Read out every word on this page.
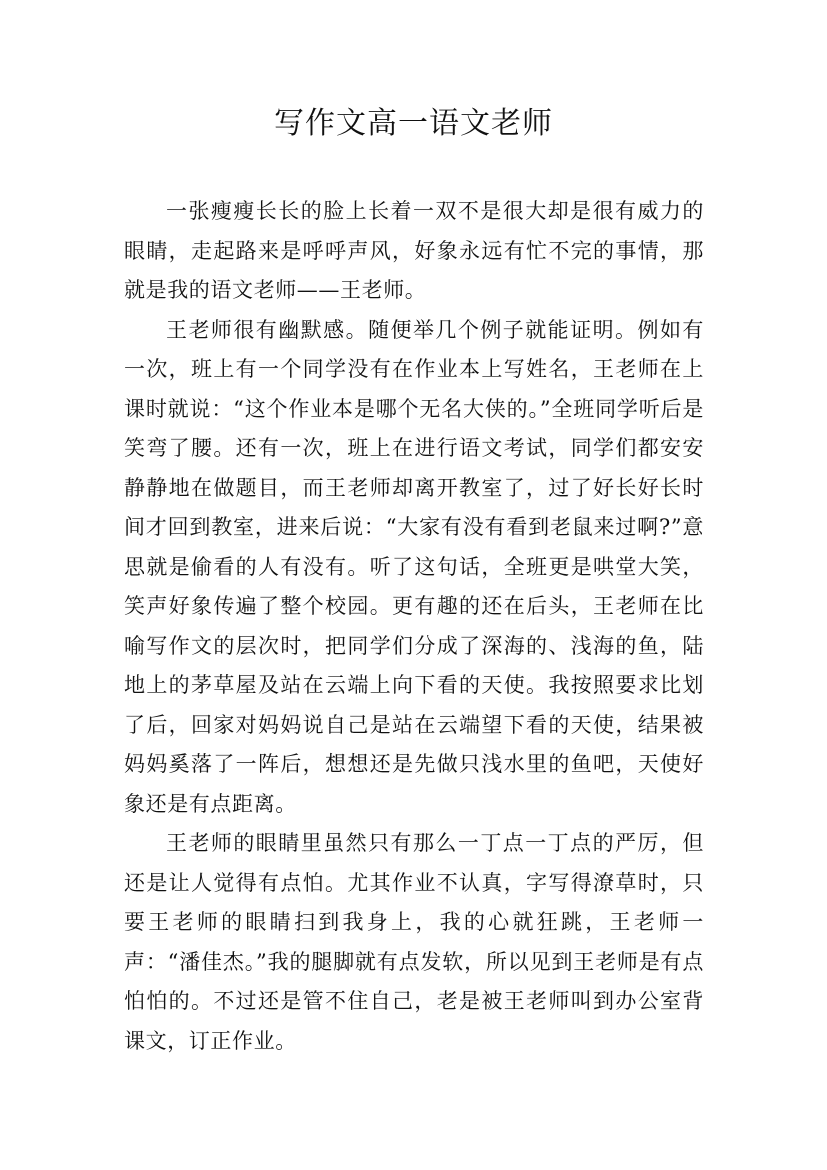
写作文高一语文老师

一张瘦瘦长长的脸上长着一双不是很大却是很有威力的眼睛，走起路来是呼呼声风，好象永远有忙不完的事情，那就是我的语文老师——王老师。

王老师很有幽默感。随便举几个例子就能证明。例如有一次，班上有一个同学没有在作业本上写姓名，王老师在上课时就说：“这个作业本是哪个无名大侠的。”全班同学听后是笑弯了腰。还有一次，班上在进行语文考试，同学们都安安静静地在做题目，而王老师却离开教室了，过了好长好长时间才回到教室，进来后说：“大家有没有看到老鼠来过啊?”意思就是偷看的人有没有。听了这句话，全班更是哄堂大笑，笑声好象传遍了整个校园。更有趣的还在后头，王老师在比喻写作文的层次时，把同学们分成了深海的、浅海的鱼，陆地上的茅草屋及站在云端上向下看的天使。我按照要求比划了后，回家对妈妈说自己是站在云端望下看的天使，结果被妈妈奚落了一阵后，想想还是先做只浅水里的鱼吧，天使好象还是有点距离。

王老师的眼睛里虽然只有那么一丁点一丁点的严厉，但还是让人觉得有点怕。尤其作业不认真，字写得潦草时，只要王老师的眼睛扫到我身上，我的心就狂跳，王老师一声：“潘佳杰。”我的腿脚就有点发软，所以见到王老师是有点怕怕的。不过还是管不住自己，老是被王老师叫到办公室背课文，订正作业。
